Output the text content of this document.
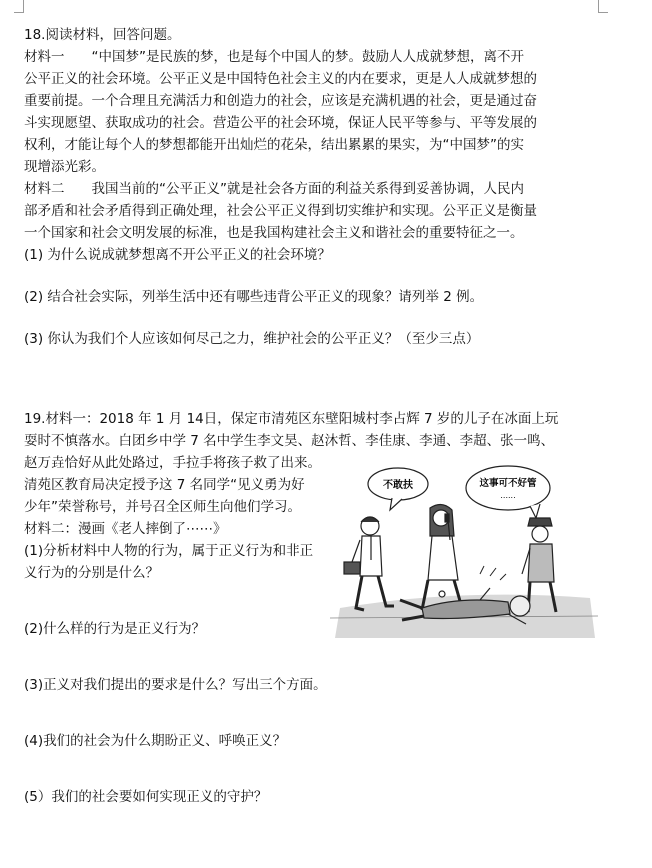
18.阅读材料，回答问题。
材料一　　“中国梦”是民族的梦，也是每个中国人的梦。鼓励人人成就梦想，离不开
公平正义的社会环境。公平正义是中国特色社会主义的内在要求，更是人人成就梦想的
重要前提。一个合理且充满活力和创造力的社会，应该是充满机遇的社会，更是通过奋
斗实现愿望、获取成功的社会。营造公平的社会环境，保证人民平等参与、平等发展的
权利，才能让每个人的梦想都能开出灿烂的花朵，结出累累的果实，为“中国梦”的实
现增添光彩。
材料二　　我国当前的“公平正义”就是社会各方面的利益关系得到妥善协调，人民内
部矛盾和社会矛盾得到正确处理，社会公平正义得到切实维护和实现。公平正义是衡量
一个国家和社会文明发展的标准，也是我国构建社会主义和谐社会的重要特征之一。
(1) 为什么说成就梦想离不开公平正义的社会环境？
(2) 结合社会实际，列举生活中还有哪些违背公平正义的现象？请列举 2 例。
(3) 你认为我们个人应该如何尽己之力，维护社会的公平正义？（至少三点）
19.材料一：2018 年 1 月 14日，保定市清苑区东壁阳城村李占辉 7 岁的儿子在冰面上玩
耍时不慎落水。白团乡中学 7 名中学生李文昊、赵沐哲、李佳康、李通、李超、张一鸣、
赵万垚恰好从此处路过，手拉手将孩子救了出来。
清苑区教育局决定授予这 7 名同学“见义勇为好
少年”荣誉称号，并号召全区师生向他们学习。
材料二：漫画《老人摔倒了⋯⋯》
(1)分析材料中人物的行为，属于正义行为和非正
义行为的分别是什么？
(2)什么样的行为是正义行为？
(3)正义对我们提出的要求是什么？写出三个方面。
(4)我们的社会为什么期盼正义、呼唤正义？
(5）我们的社会要如何实现正义的守护？
不敢扶	这事可不好管
......
